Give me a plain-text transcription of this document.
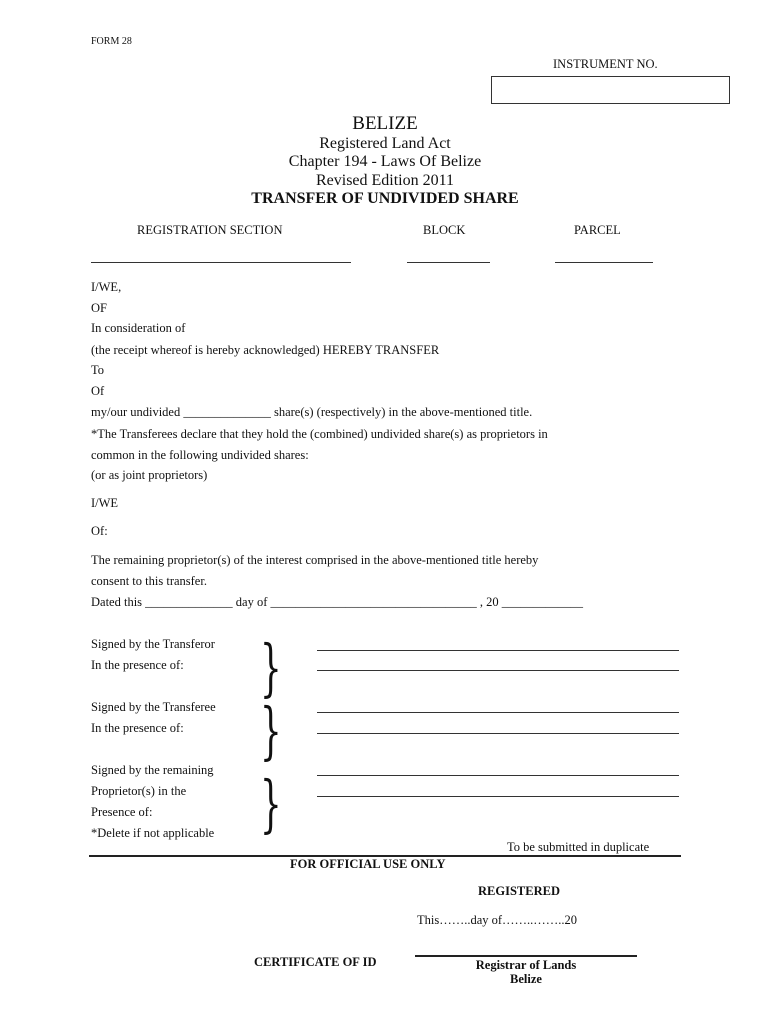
FORM 28
INSTRUMENT NO.
BELIZE
Registered Land Act
Chapter 194 - Laws Of Belize
Revised Edition 2011
TRANSFER OF UNDIVIDED SHARE
REGISTRATION SECTION	BLOCK	PARCEL
I/WE,
OF
In consideration of
(the receipt whereof is hereby acknowledged) HEREBY TRANSFER
To
Of
my/our undivided ______________ share(s) (respectively) in the above-mentioned title.
*The Transferees declare that they hold the (combined) undivided share(s) as proprietors in
common in the following undivided shares:
(or as joint proprietors)
I/WE
Of:
The remaining proprietor(s) of the interest comprised in the above-mentioned title hereby
consent to this transfer.
Dated this ______________ day of _________________________________ , 20 _____________
Signed by the Transferor
In the presence of: }
Signed by the Transferee
In the presence of: }
Signed by the remaining
Proprietor(s) in the
Presence of:
*Delete if not applicable }
To be submitted in duplicate
FOR OFFICIAL USE ONLY
REGISTERED
This……..day of……..……..20
CERTIFICATE OF ID	Registrar of Lands
Belize
